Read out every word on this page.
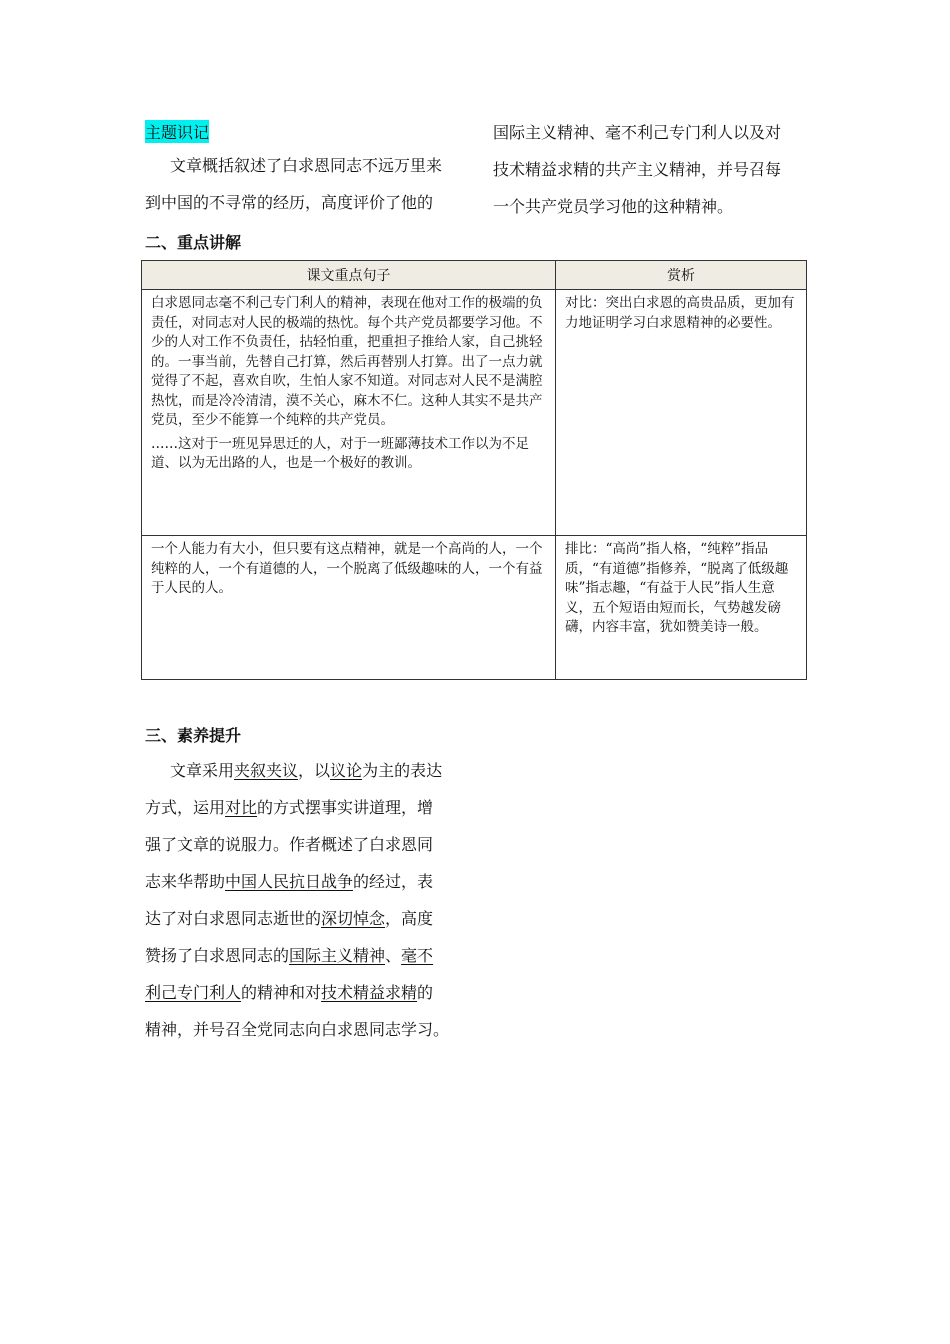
主题识记
文章概括叙述了白求恩同志不远万里来
到中国的不寻常的经历，高度评价了他的
国际主义精神、毫不利己专门利人以及对
技术精益求精的共产主义精神，并号召每
一个共产党员学习他的这种精神。
二、重点讲解
课文重点句子	赏析

白求恩同志毫不利己专门利人的精神，表现在他对工作的极端的负责任，对同志对人民的极端的热忱。每个共产党员都要学习他。不少的人对工作不负责任，拈轻怕重，把重担子推给人家，自己挑轻的。一事当前，先替自己打算，然后再替别人打算。出了一点力就觉得了不起，喜欢自吹，生怕人家不知道。对同志对人民不是满腔热忱，而是冷冷清清，漠不关心，麻木不仁。这种人其实不是共产党员，至少不能算一个纯粹的共产党员。

……这对于一班见异思迁的人，对于一班鄙薄技术工作以为不足道、以为无出路的人，也是一个极好的教训。	对比：突出白求恩的高贵品质，更加有力地证明学习白求恩精神的必要性。
一个人能力有大小，但只要有这点精神，就是一个高尚的人，一个纯粹的人，一个有道德的人，一个脱离了低级趣味的人，一个有益于人民的人。	排比：“高尚”指人格，“纯粹”指品质，“有道德”指修养，“脱离了低级趣味”指志趣，“有益于人民”指人生意义，五个短语由短而长，气势越发磅礴，内容丰富，犹如赞美诗一般。
三、素养提升
文章采用夹叙夹议，以议论为主的表达
方式，运用对比的方式摆事实讲道理，增
强了文章的说服力。作者概述了白求恩同
志来华帮助中国人民抗日战争的经过，表
达了对白求恩同志逝世的深切悼念，高度
赞扬了白求恩同志的国际主义精神、毫不
利己专门利人的精神和对技术精益求精的
精神，并号召全党同志向白求恩同志学习。
